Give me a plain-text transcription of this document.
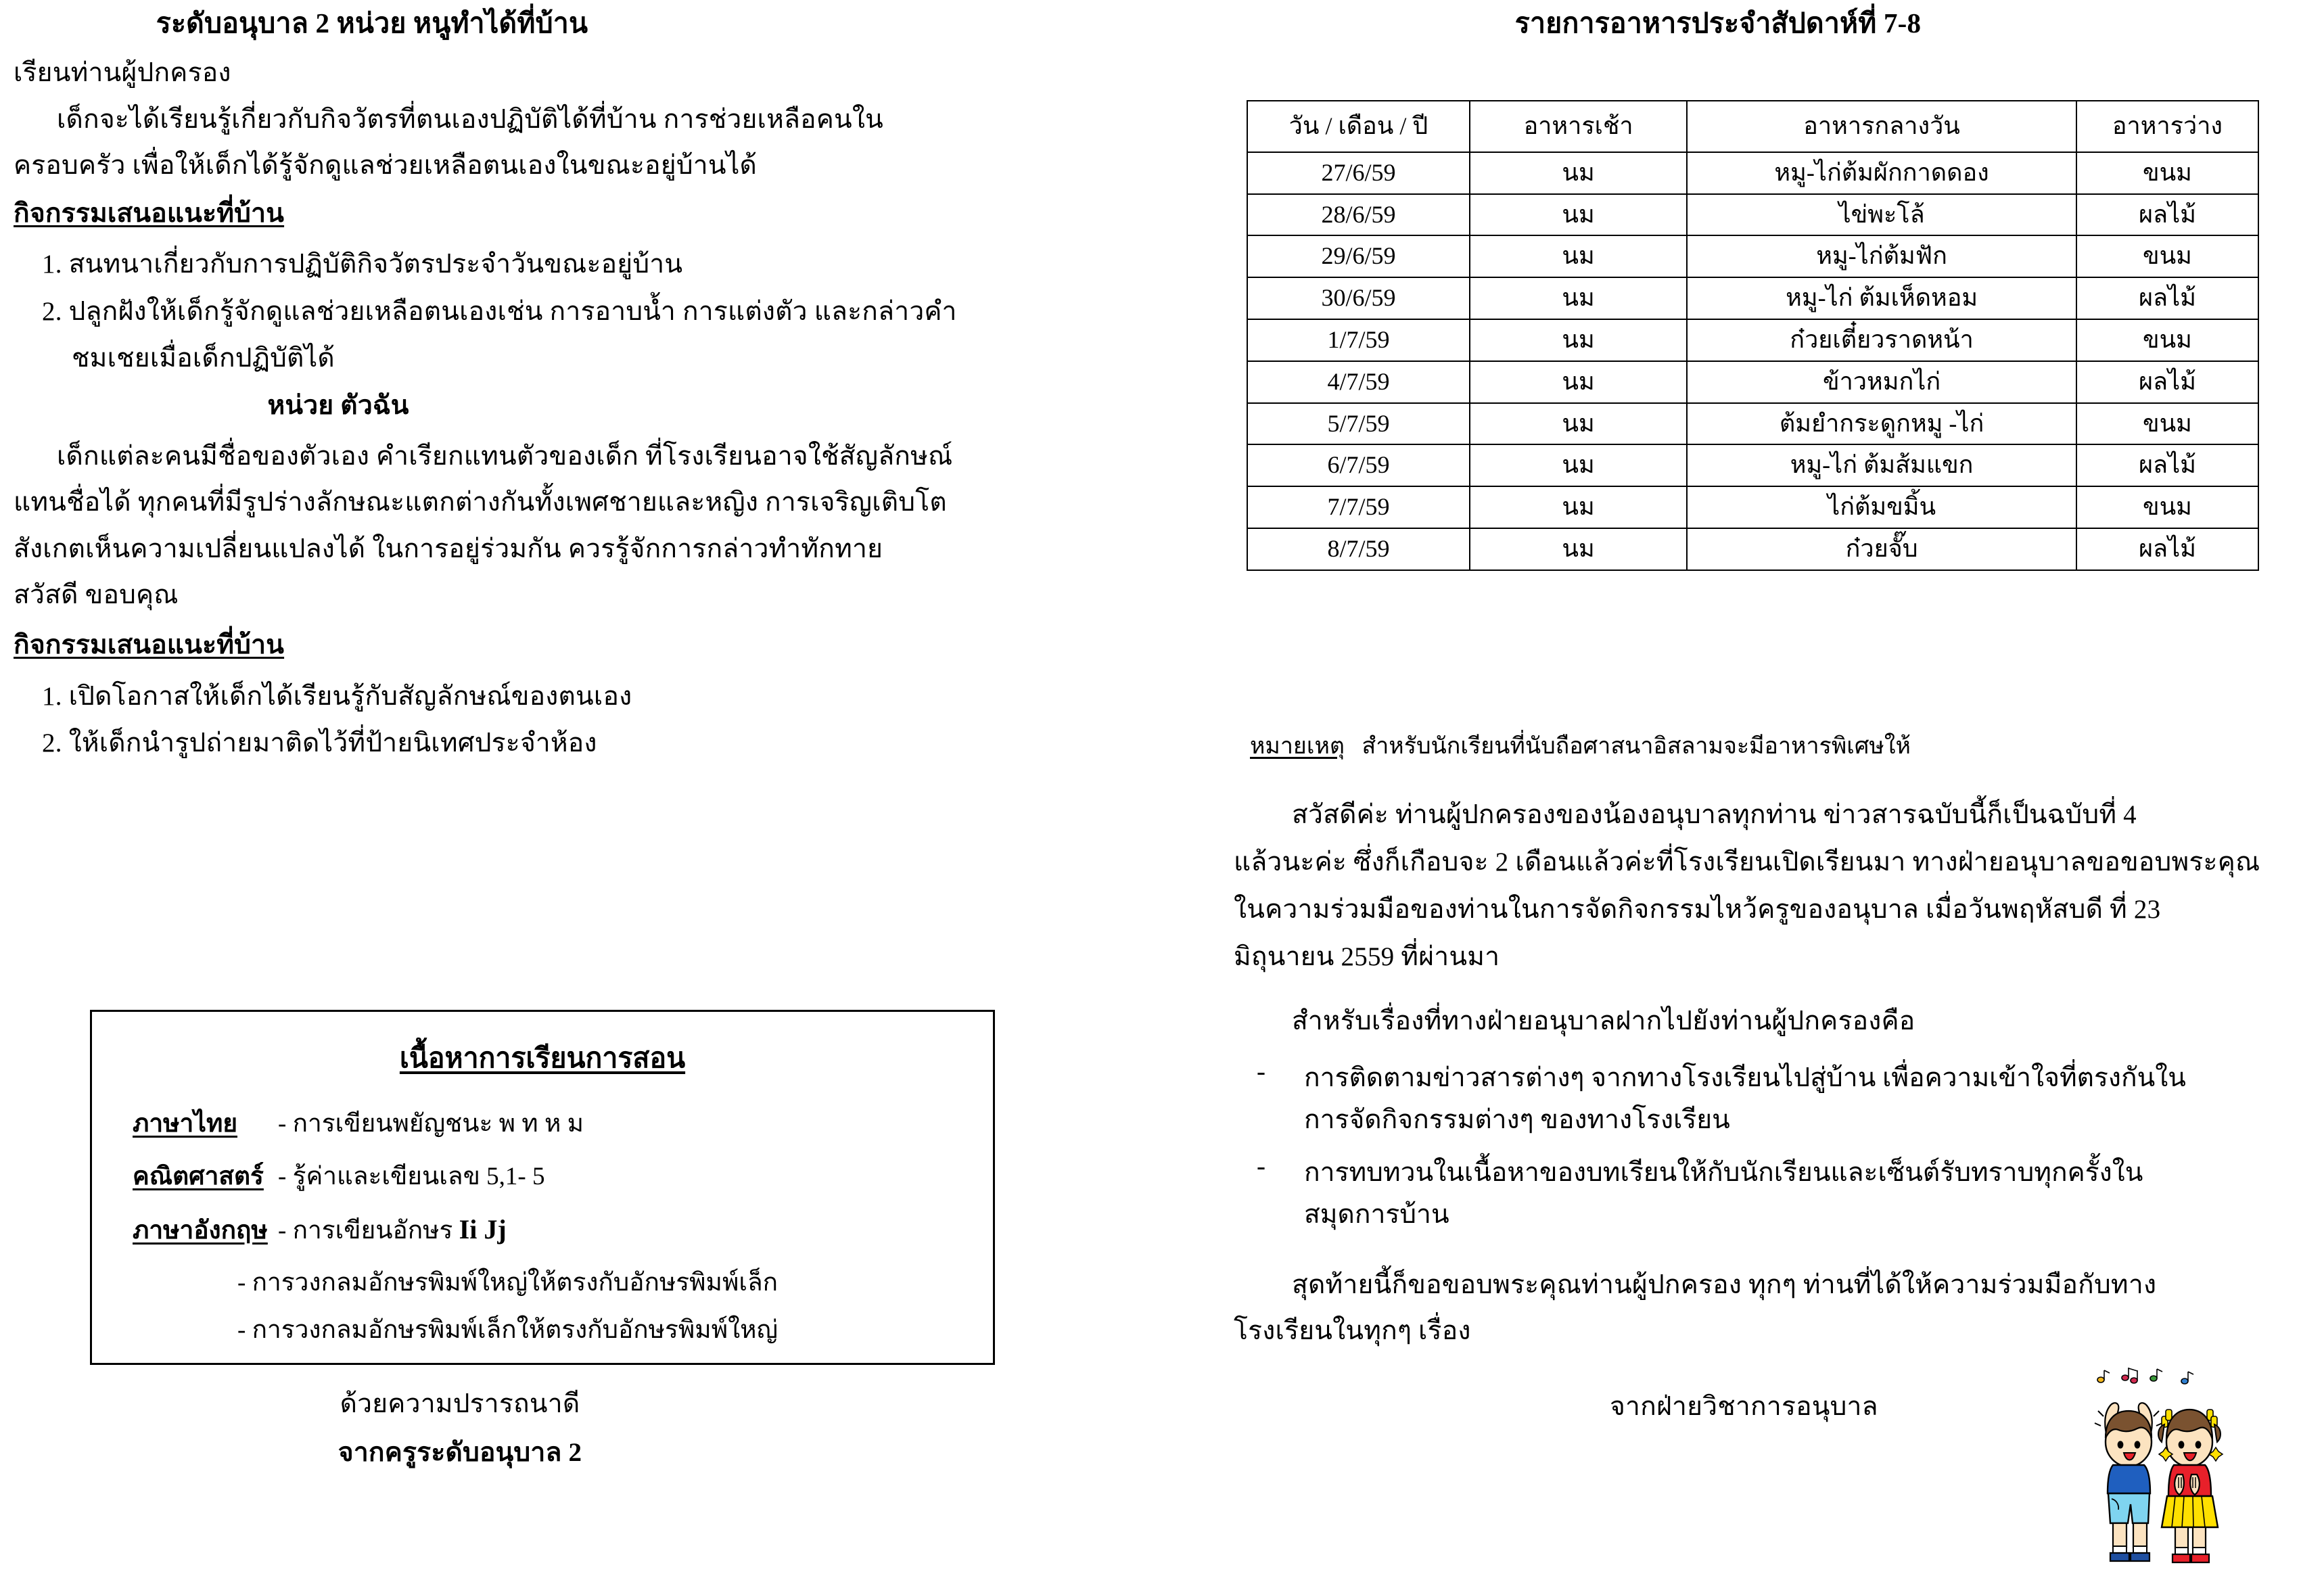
ระดับอนุบาล 2 หน่วย หนูทำได้ที่บ้าน
เรียนท่านผู้ปกครอง
เด็กจะได้เรียนรู้เกี่ยวกับกิจวัตรที่ตนเองปฏิบัติได้ที่บ้าน การช่วยเหลือคนใน
ครอบครัว เพื่อให้เด็กได้รู้จักดูแลช่วยเหลือตนเองในขณะอยู่บ้านได้
กิจกรรมเสนอแนะที่บ้าน
1. สนทนาเกี่ยวกับการปฏิบัติกิจวัตรประจำวันขณะอยู่บ้าน
2. ปลูกฝังให้เด็กรู้จักดูแลช่วยเหลือตนเองเช่น การอาบน้ำ การแต่งตัว และกล่าวคำ
ชมเชยเมื่อเด็กปฏิบัติได้
หน่วย ตัวฉัน
เด็กแต่ละคนมีชื่อของตัวเอง คำเรียกแทนตัวของเด็ก ที่โรงเรียนอาจใช้สัญลักษณ์
แทนชื่อได้ ทุกคนที่มีรูปร่างลักษณะแตกต่างกันทั้งเพศชายและหญิง การเจริญเติบโต
สังเกตเห็นความเปลี่ยนแปลงได้ ในการอยู่ร่วมกัน ควรรู้จักการกล่าวทำทักทาย
สวัสดี ขอบคุณ
กิจกรรมเสนอแนะที่บ้าน
1. เปิดโอกาสให้เด็กได้เรียนรู้กับสัญลักษณ์ของตนเอง
2. ให้เด็กนำรูปถ่ายมาติดไว้ที่ป้ายนิเทศประจำห้อง
เนื้อหาการเรียนการสอน
ภาษาไทย	- การเขียนพยัญชนะ พ ท ห ม
คณิตศาสตร์ - รู้ค่าและเขียนเลข 5,1- 5
ภาษาอังกฤษ - การเขียนอักษร Ii Jj
- การวงกลมอักษรพิมพ์ใหญ่ให้ตรงกับอักษรพิมพ์เล็ก
- การวงกลมอักษรพิมพ์เล็กให้ตรงกับอักษรพิมพ์ใหญ่
ด้วยความปรารถนาดี
จากครูระดับอนุบาล 2
รายการอาหารประจำสัปดาห์ที่ 7-8
วัน / เดือน / ปี	อาหารเช้า	อาหารกลางวัน	อาหารว่าง
27/6/59	นม	หมู-ไก่ต้มผักกาดดอง	ขนม
28/6/59	นม	ไข่พะโล้	ผลไม้
29/6/59	นม	หมู-ไก่ต้มฟัก	ขนม
30/6/59	นม	หมู-ไก่ ต้มเห็ดหอม	ผลไม้
1/7/59	นม	ก๋วยเตี๋ยวราดหน้า	ขนม
4/7/59	นม	ข้าวหมกไก่	ผลไม้
5/7/59	นม	ต้มยำกระดูกหมู -ไก่	ขนม
6/7/59	นม	หมู-ไก่ ต้มส้มแขก	ผลไม้
7/7/59	นม	ไก่ต้มขมิ้น	ขนม
8/7/59	นม	ก๋วยจั๊บ	ผลไม้
หมายเหตุ สำหรับนักเรียนที่นับถือศาสนาอิสลามจะมีอาหารพิเศษให้
สวัสดีค่ะ ท่านผู้ปกครองของน้องอนุบาลทุกท่าน ข่าวสารฉบับนี้ก็เป็นฉบับที่ 4
แล้วนะค่ะ ซึ่งก็เกือบจะ 2 เดือนแล้วค่ะที่โรงเรียนเปิดเรียนมา ทางฝ่ายอนุบาลขอขอบพระคุณ
ในความร่วมมือของท่านในการจัดกิจกรรมไหว้ครูของอนุบาล เมื่อวันพฤหัสบดี ที่ 23
มิถุนายน 2559 ที่ผ่านมา
สำหรับเรื่องที่ทางฝ่ายอนุบาลฝากไปยังท่านผู้ปกครองคือ
- การติดตามข่าวสารต่างๆ จากทางโรงเรียนไปสู่บ้าน เพื่อความเข้าใจที่ตรงกันใน
การจัดกิจกรรมต่างๆ ของทางโรงเรียน
- การทบทวนในเนื้อหาของบทเรียนให้กับนักเรียนและเซ็นต์รับทราบทุกครั้งใน
สมุดการบ้าน
สุดท้ายนี้ก็ขอขอบพระคุณท่านผู้ปกครอง ทุกๆ ท่านที่ได้ให้ความร่วมมือกับทาง
โรงเรียนในทุกๆ เรื่อง
จากฝ่ายวิชาการอนุบาล
